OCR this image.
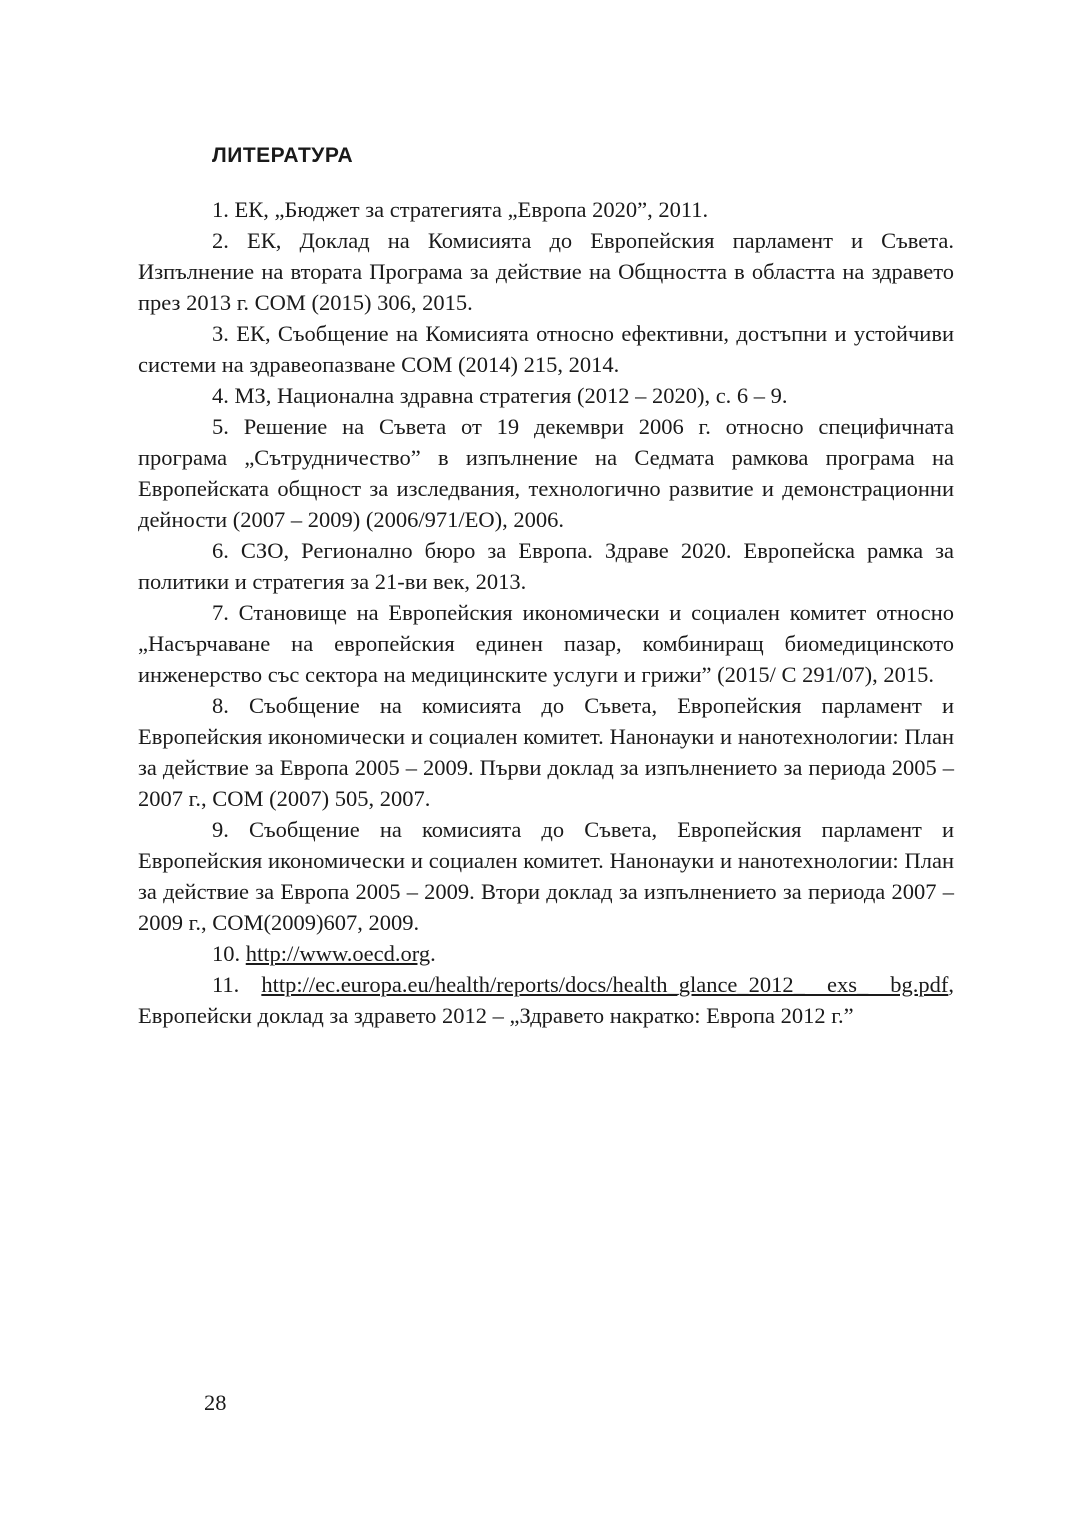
ЛИТЕРАТУРА

1. ЕК, „Бюджет за стратегията „Европа 2020”, 2011.

2. ЕК, Доклад на Комисията до Европейския парламент и Съвета. Изпълнение на втората Програма за действие на Общността в областта на здравето през 2013 г. COM (2015) 306, 2015.

3. ЕК, Съобщение на Комисията относно ефективни, достъпни и устойчиви системи на здравеопазване COM (2014) 215, 2014.

4. МЗ, Национална здравна стратегия (2012 – 2020), с. 6 – 9.

5. Решение на Съвета от 19 декември 2006 г. относно специфичната програма „Сътрудничество” в изпълнение на Седмата рамкова програма на Европейската общност за изследвания, технологично развитие и демонстрационни дейности (2007 – 2009) (2006/971/ЕО), 2006.

6. СЗО, Регионално бюро за Европа. Здраве 2020. Европейска рамка за политики и стратегия за 21-ви век, 2013.

7. Становище на Европейския икономически и социален комитет относно „Насърчаване на европейския единен пазар, комбиниращ биомедицинското инженерство със сектора на медицинските услуги и грижи” (2015/ C 291/07), 2015.

8. Съобщение на комисията до Съвета, Европейския парламент и Европейския икономически и социален комитет. Нанонауки и нанотехнологии: План за действие за Европа 2005 – 2009. Първи доклад за изпълнението за периода 2005 – 2007 г., COM (2007) 505, 2007.

9. Съобщение на комисията до Съвета, Европейския парламент и Европейския икономически и социален комитет. Нанонауки и нанотехнологии: План за действие за Европа 2005 – 2009. Втори доклад за изпълнението за периода 2007 – 2009 г., COM(2009)607, 2009.

10. http://www.oecd.org.

11. http://ec.europa.eu/health/reports/docs/health_glance_2012_ exs_ bg.pdf, Европейски доклад за здравето 2012 – „Здравето накратко: Европа 2012 г.”

28
